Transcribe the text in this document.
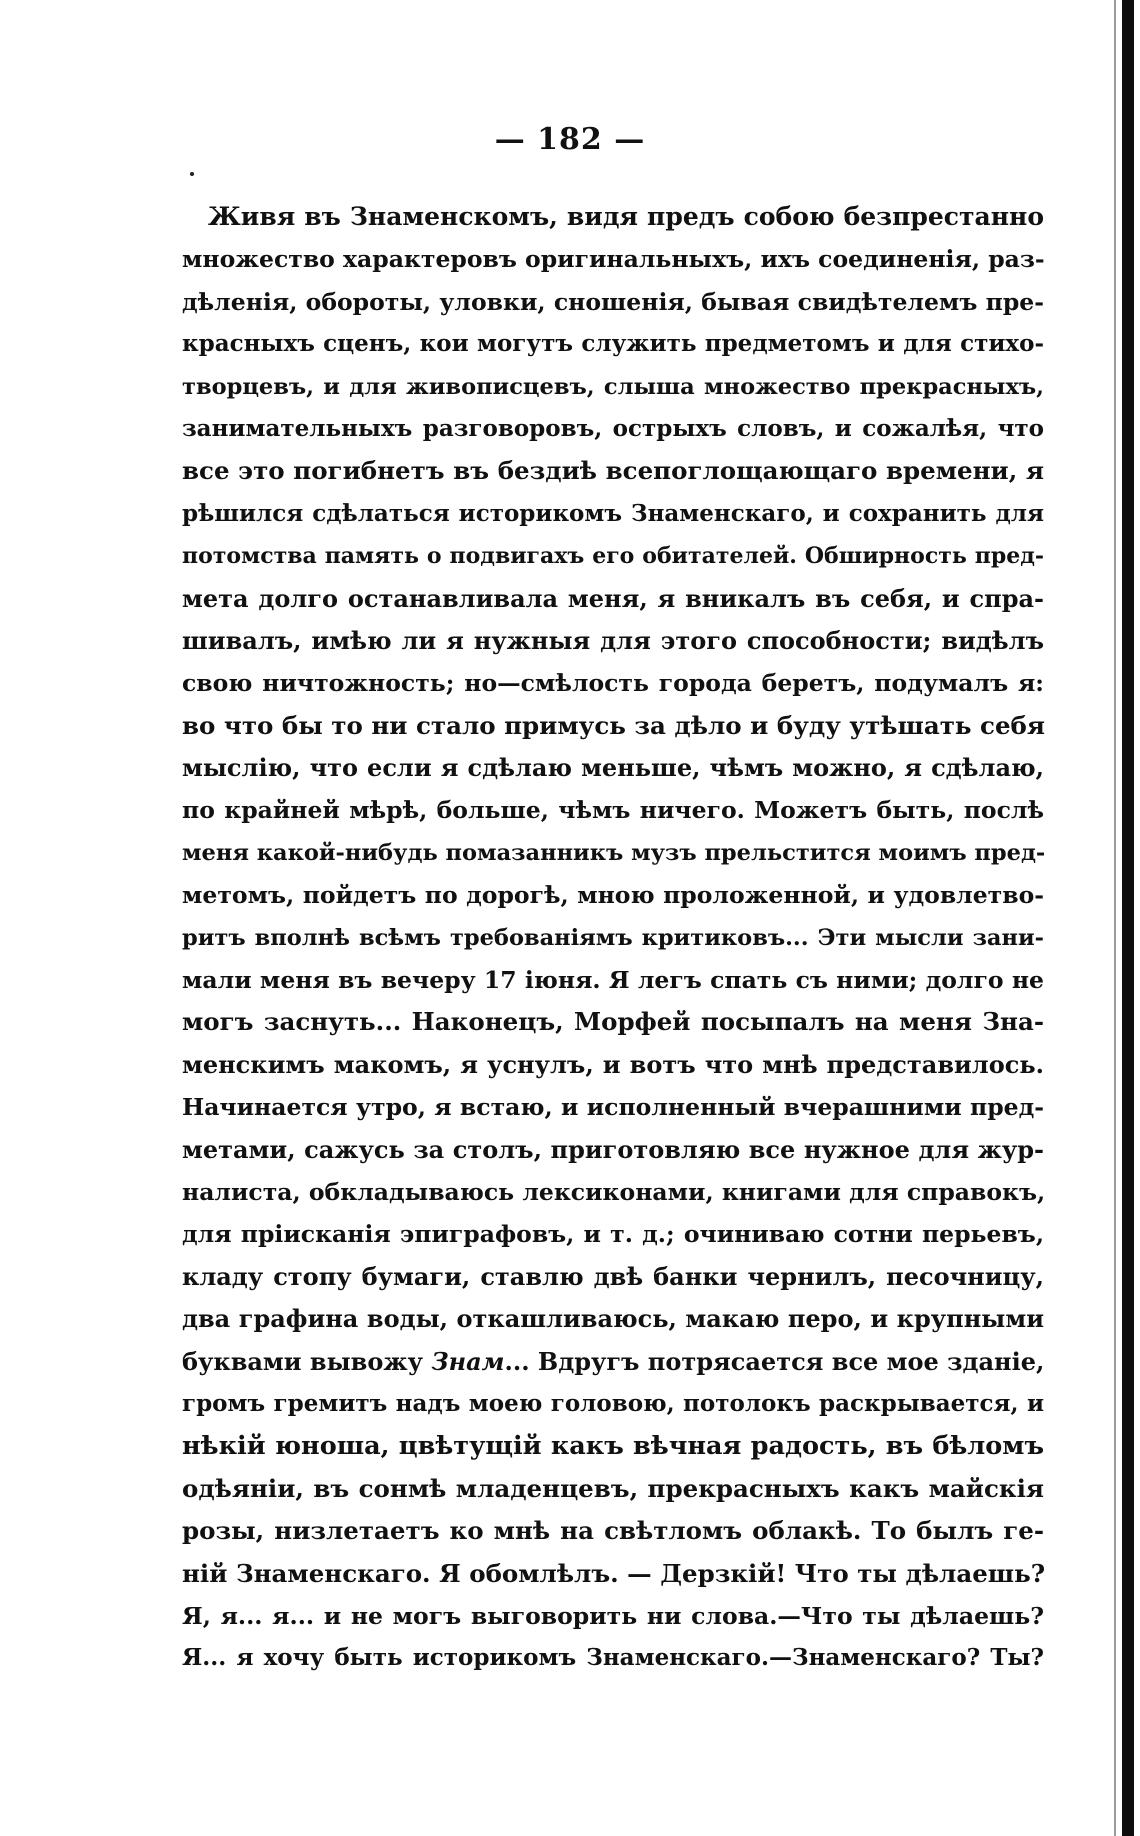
— 182 —
Живя въ Знаменскомъ, видя предъ собою безпрестанно
множество характеровъ оригинальныхъ, ихъ соединенія, раз-
дѣленія, обороты, уловки, сношенія, бывая свидѣтелемъ пре-
красныхъ сценъ, кои могутъ служить предметомъ и для стихо-
творцевъ, и для живописцевъ, слыша множество прекрасныхъ,
занимательныхъ разговоровъ, острыхъ словъ, и сожалѣя, что
все это погибнетъ въ бездиѣ всепоглощающаго времени, я
рѣшился сдѣлаться историкомъ Знаменскаго, и сохранить для
потомства память о подвигахъ его обитателей. Обширность пред-
мета долго останавливала меня, я вникалъ въ себя, и спра-
шивалъ, имѣю ли я нужныя для этого способности; видѣлъ
свою ничтожность; но—смѣлость города беретъ, подумалъ я:
во что бы то ни стало примусь за дѣло и буду утѣшать себя
мыслію, что если я сдѣлаю меньше, чѣмъ можно, я сдѣлаю,
по крайней мѣрѣ, больше, чѣмъ ничего. Можетъ быть, послѣ
меня какой-нибудь помазанникъ музъ прельстится моимъ пред-
метомъ, пойдетъ по дорогѣ, мною проложенной, и удовлетво-
ритъ вполнѣ всѣмъ требованіямъ критиковъ... Эти мысли зани-
мали меня въ вечеру 17 іюня. Я легъ спать съ ними; долго не
могъ заснуть... Наконецъ, Морфей посыпалъ на меня Зна-
менскимъ макомъ, я уснулъ, и вотъ что мнѣ представилось.
Начинается утро, я встаю, и исполненный вчерашними пред-
метами, сажусь за столъ, приготовляю все нужное для жур-
налиста, обкладываюсь лексиконами, книгами для справокъ,
для пріисканія эпиграфовъ, и т. д.; очиниваю сотни перьевъ,
кладу стопу бумаги, ставлю двѣ банки чернилъ, песочницу,
два графина воды, откашливаюсь, макаю перо, и крупными
буквами вывожу Знам... Вдругъ потрясается все мое зданіе,
громъ гремитъ надъ моею головою, потолокъ раскрывается, и
нѣкій юноша, цвѣтущій какъ вѣчная радость, въ бѣломъ
одѣяніи, въ сонмѣ младенцевъ, прекрасныхъ какъ майскія
розы, низлетаетъ ко мнѣ на свѣтломъ облакѣ. То былъ ге-
ній Знаменскаго. Я обомлѣлъ. — Дерзкій! Что ты дѣлаешь?
Я, я... я... и не могъ выговорить ни слова.—Что ты дѣлаешь?
Я... я хочу быть историкомъ Знаменскаго.—Знаменскаго? Ты?
